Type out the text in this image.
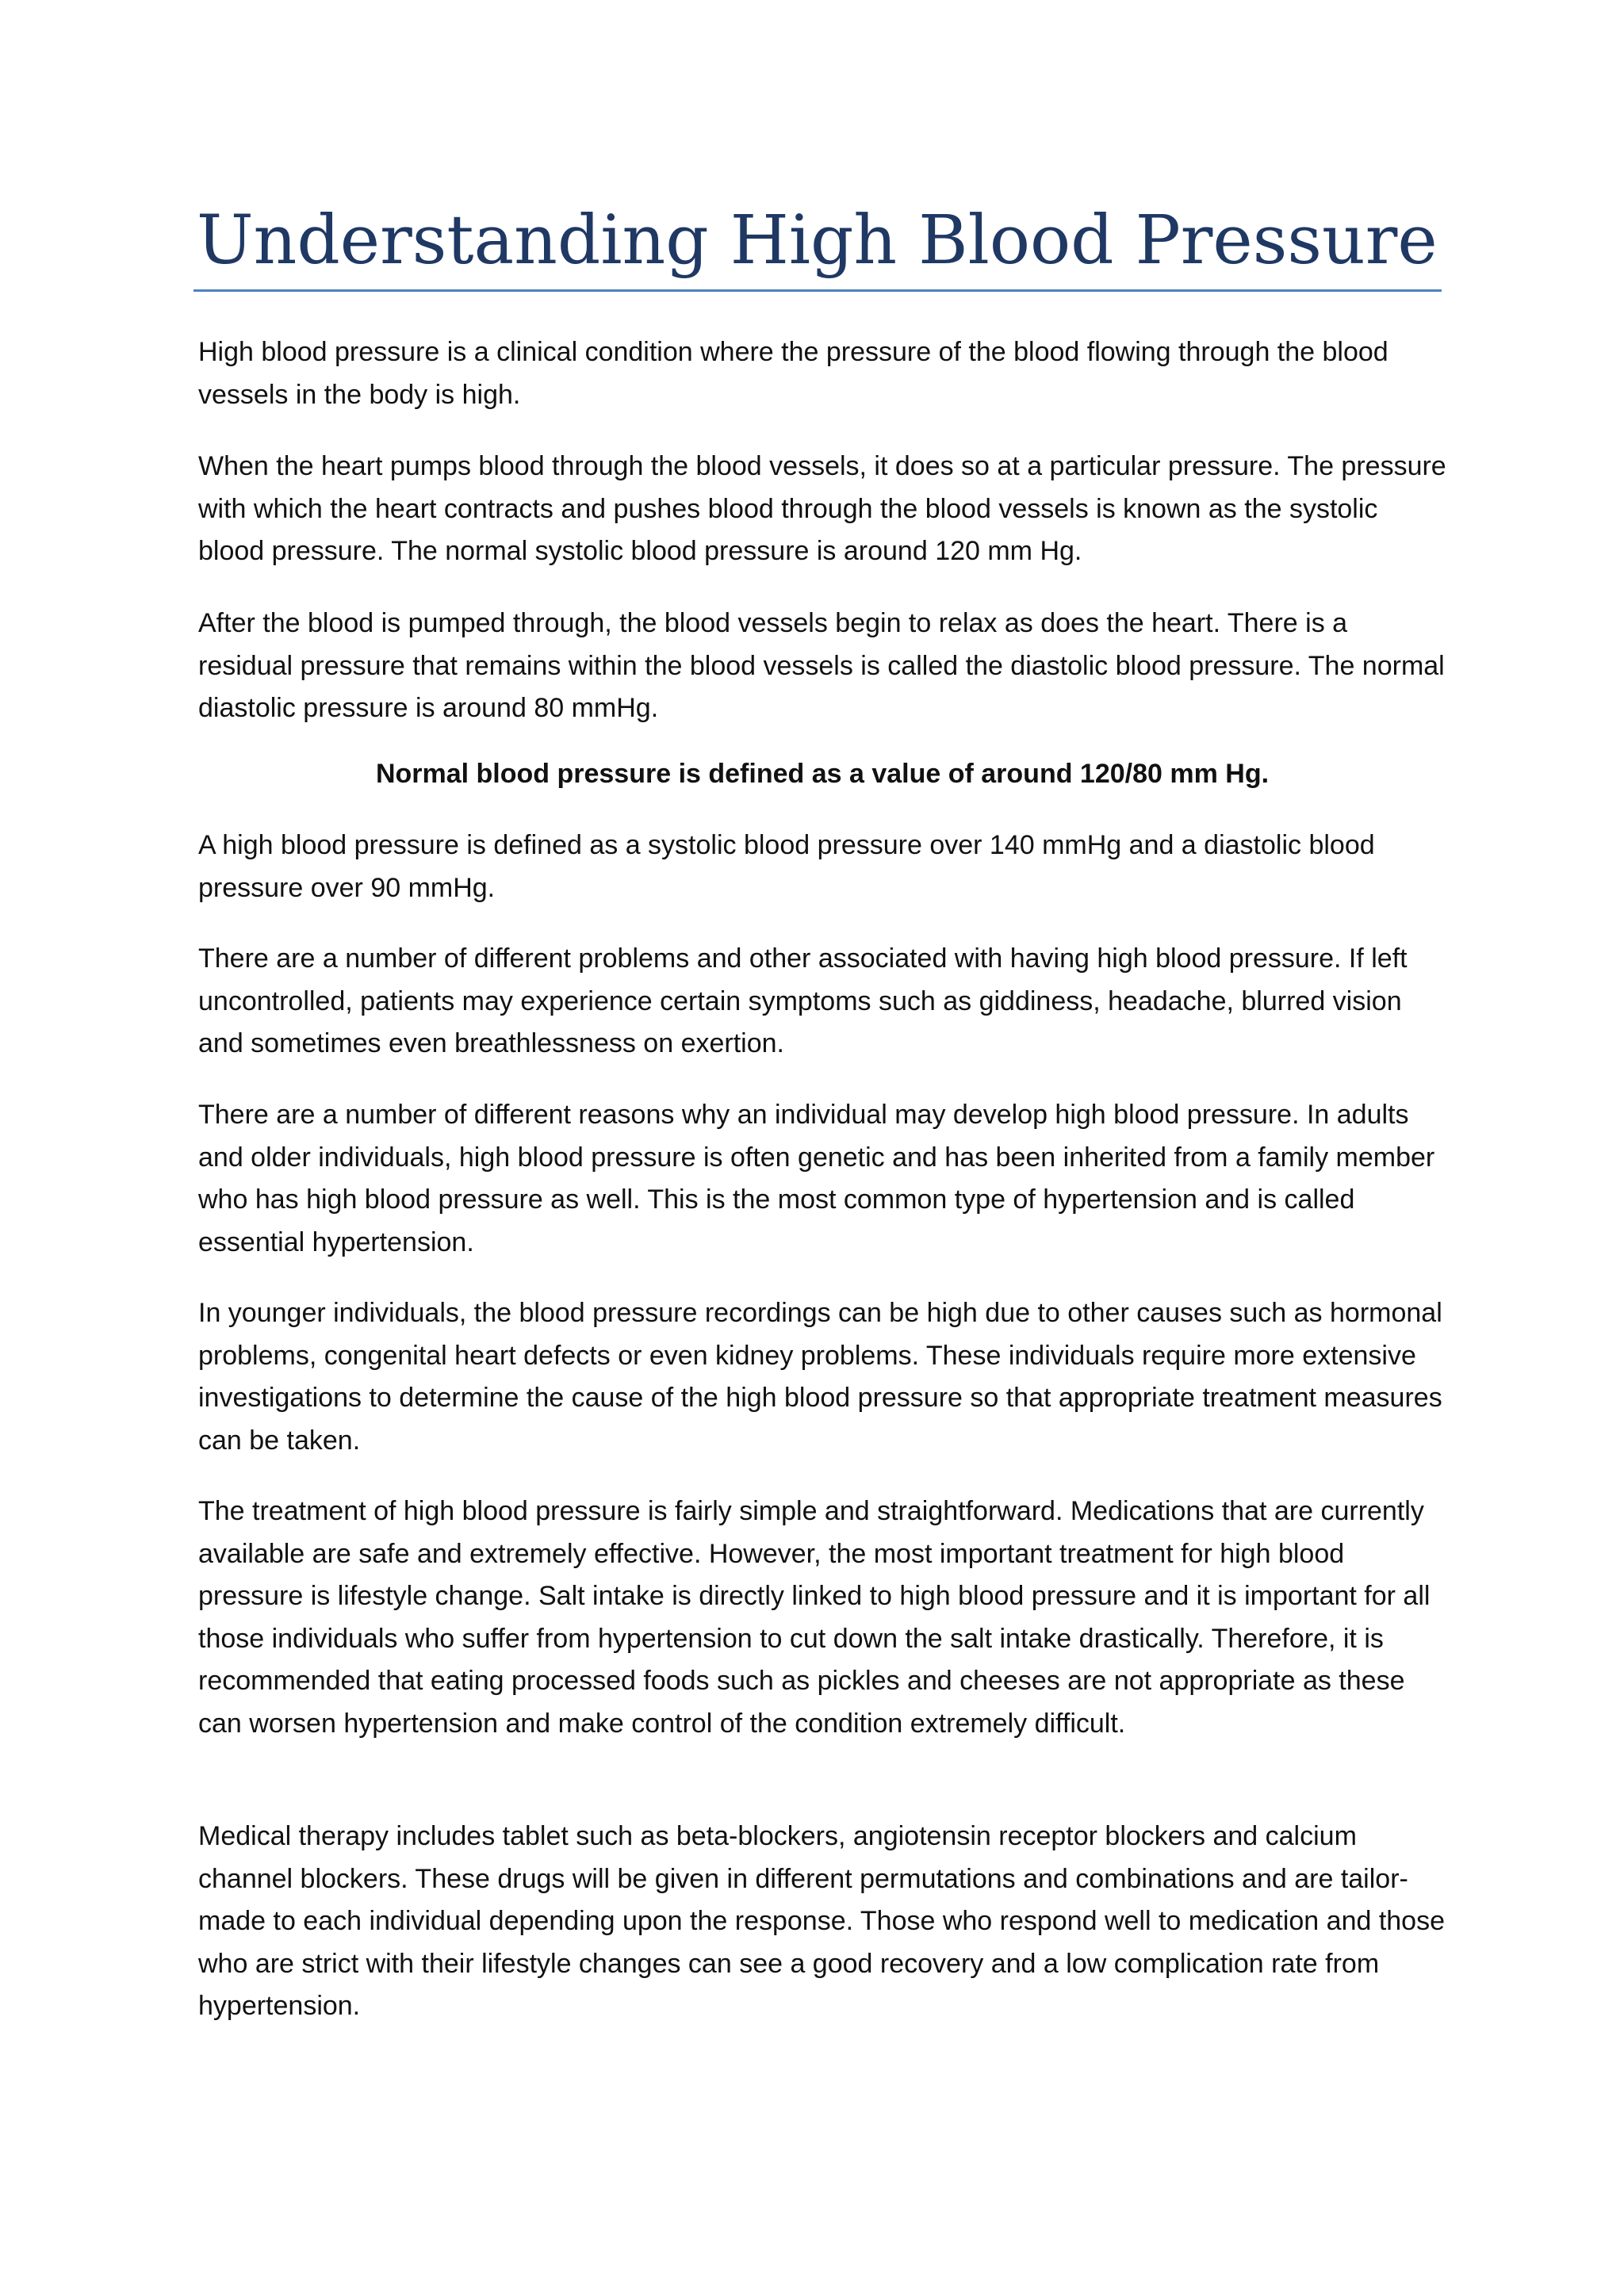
Understanding High Blood Pressure

High blood pressure is a clinical condition where the pressure of the blood flowing through the blood vessels in the body is high.

When the heart pumps blood through the blood vessels, it does so at a particular pressure. The pressure with which the heart contracts and pushes blood through the blood vessels is known as the systolic blood pressure. The normal systolic blood pressure is around 120 mm Hg.

After the blood is pumped through, the blood vessels begin to relax as does the heart. There is a residual pressure that remains within the blood vessels is called the diastolic blood pressure. The normal diastolic pressure is around 80 mmHg.

Normal blood pressure is defined as a value of around 120/80 mm Hg.

A high blood pressure is defined as a systolic blood pressure over 140 mmHg and a diastolic blood pressure over 90 mmHg.

There are a number of different problems and other associated with having high blood pressure. If left uncontrolled, patients may experience certain symptoms such as giddiness, headache, blurred vision and sometimes even breathlessness on exertion.

There are a number of different reasons why an individual may develop high blood pressure. In adults and older individuals, high blood pressure is often genetic and has been inherited from a family member who has high blood pressure as well. This is the most common type of hypertension and is called essential hypertension.

In younger individuals, the blood pressure recordings can be high due to other causes such as hormonal problems, congenital heart defects or even kidney problems. These individuals require more extensive investigations to determine the cause of the high blood pressure so that appropriate treatment measures can be taken.

The treatment of high blood pressure is fairly simple and straightforward. Medications that are currently available are safe and extremely effective. However, the most important treatment for high blood pressure is lifestyle change. Salt intake is directly linked to high blood pressure and it is important for all those individuals who suffer from hypertension to cut down the salt intake drastically. Therefore, it is recommended that eating processed foods such as pickles and cheeses are not appropriate as these can worsen hypertension and make control of the condition extremely difficult.

Medical therapy includes tablet such as beta-blockers, angiotensin receptor blockers and calcium channel blockers. These drugs will be given in different permutations and combinations and are tailor-made to each individual depending upon the response. Those who respond well to medication and those who are strict with their lifestyle changes can see a good recovery and a low complication rate from hypertension.
